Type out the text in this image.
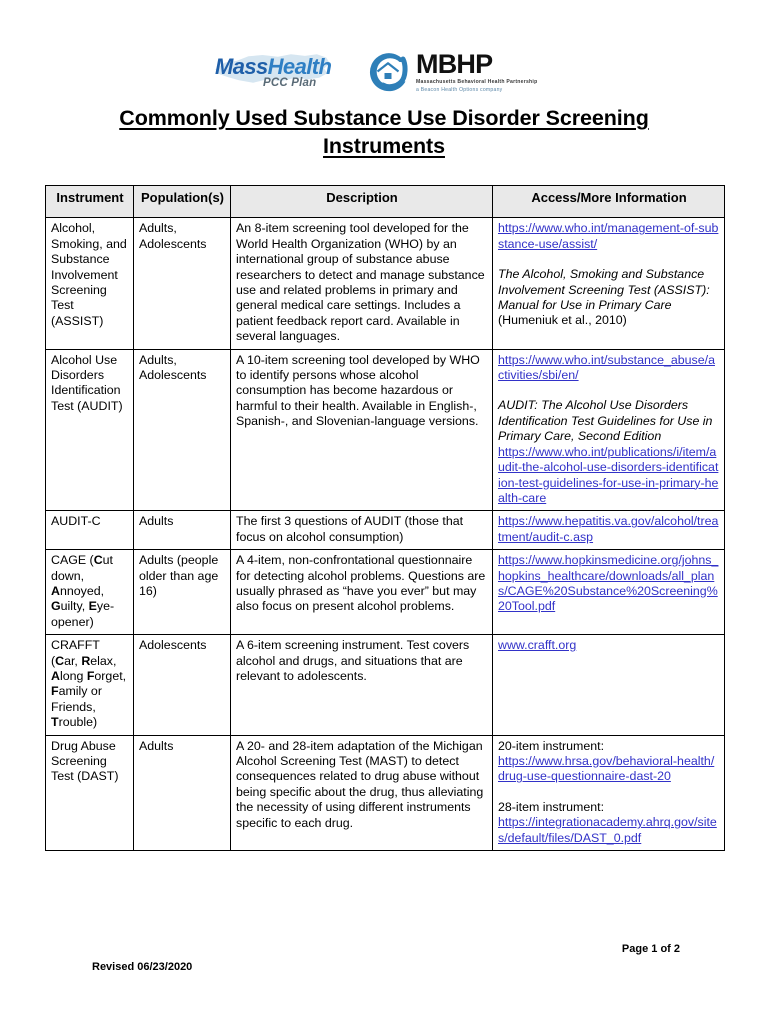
MassHealth
PCC Plan
MBHP
Massachusetts Behavioral Health Partnership
a Beacon Health Options company
Commonly Used Substance Use Disorder Screening
Instruments
Instrument	Population(s)	Description	Access/More Information
Alcohol, Smoking, and Substance Involvement Screening Test (ASSIST)	Adults, Adolescents	An 8-item screening tool developed for the World Health Organization (WHO) by an international group of substance abuse researchers to detect and manage substance use and related problems in primary and general medical care settings. Includes a patient feedback report card. Available in several languages.	https://www.who.int/management-of-substance-use/assist/
The Alcohol, Smoking and Substance Involvement Screening Test (ASSIST): Manual for Use in Primary Care (Humeniuk et al., 2010)
Alcohol Use Disorders Identification Test (AUDIT)	Adults, Adolescents	A 10-item screening tool developed by WHO to identify persons whose alcohol consumption has become hazardous or harmful to their health. Available in English-, Spanish-, and Slovenian-language versions.	https://www.who.int/substance_abuse/activities/sbi/en/
AUDIT: The Alcohol Use Disorders Identification Test Guidelines for Use in Primary Care, Second Edition
https://www.who.int/publications/i/item/audit-the-alcohol-use-disorders-identification-test-guidelines-for-use-in-primary-health-care
AUDIT-C	Adults	The first 3 questions of AUDIT (those that focus on alcohol consumption)	https://www.hepatitis.va.gov/alcohol/treatment/audit-c.asp
CAGE (Cut down, Annoyed, Guilty, Eye-opener)	Adults (people older than age 16)	A 4-item, non-confrontational questionnaire for detecting alcohol problems. Questions are usually phrased as “have you ever” but may also focus on present alcohol problems.	https://www.hopkinsmedicine.org/johns_hopkins_healthcare/downloads/all_plans/CAGE%20Substance%20Screening%20Tool.pdf
CRAFFT (Car, Relax, Along Forget, Family or Friends, Trouble)	Adolescents	A 6-item screening instrument. Test covers alcohol and drugs, and situations that are relevant to adolescents.	www.crafft.org
Drug Abuse Screening Test (DAST)	Adults	A 20- and 28-item adaptation of the Michigan Alcohol Screening Test (MAST) to detect consequences related to drug abuse without being specific about the drug, thus alleviating the necessity of using different instruments specific to each drug.	20-item instrument:
https://www.hrsa.gov/behavioral-health/drug-use-questionnaire-dast-20
28-item instrument:
https://integrationacademy.ahrq.gov/sites/default/files/DAST_0.pdf
Page 1 of 2
Revised 06/23/2020
